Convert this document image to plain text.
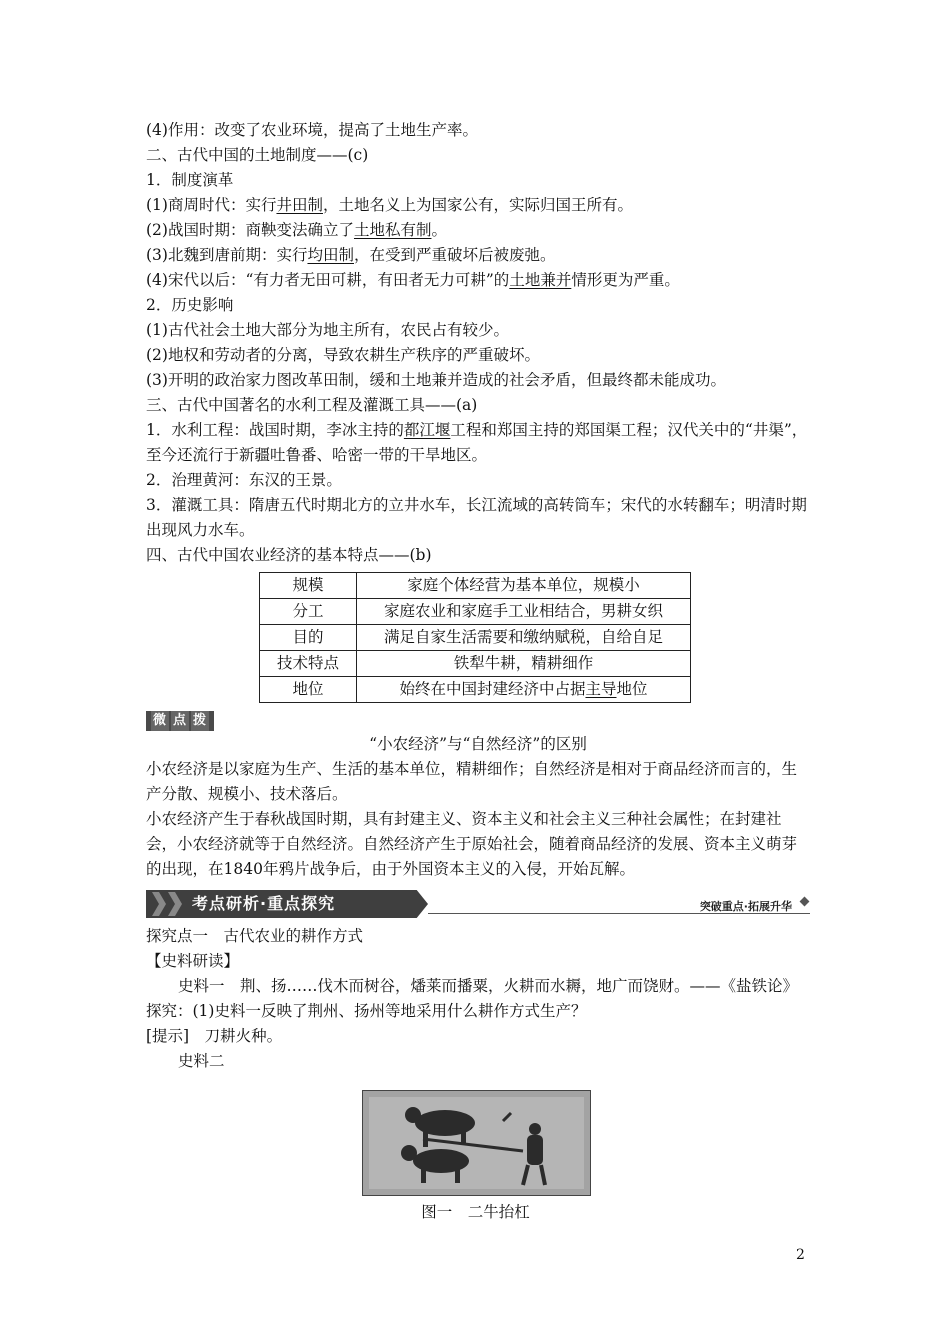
(4)作用：改变了农业环境，提高了土地生产率。
二、古代中国的土地制度——(c)
1．制度演革
(1)商周时代：实行井田制，土地名义上为国家公有，实际归国王所有。
(2)战国时期：商鞅变法确立了土地私有制。
(3)北魏到唐前期：实行均田制，在受到严重破坏后被废弛。
(4)宋代以后：“有力者无田可耕，有田者无力可耕”的土地兼并情形更为严重。
2．历史影响
(1)古代社会土地大部分为地主所有，农民占有较少。
(2)地权和劳动者的分离，导致农耕生产秩序的严重破坏。
(3)开明的政治家力图改革田制，缓和土地兼并造成的社会矛盾，但最终都未能成功。
三、古代中国著名的水利工程及灌溉工具——(a)
1．水利工程：战国时期，李冰主持的都江堰工程和郑国主持的郑国渠工程；汉代关中的“井渠”，至今还流行于新疆吐鲁番、哈密一带的干旱地区。
2．治理黄河：东汉的王景。
3．灌溉工具：隋唐五代时期北方的立井水车，长江流域的高转筒车；宋代的水转翻车；明清时期出现风力水车。
四、古代中国农业经济的基本特点——(b)
规模	家庭个体经营为基本单位，规模小
分工	家庭农业和家庭手工业相结合，男耕女织
目的	满足自家生活需要和缴纳赋税，自给自足
技术特点	铁犁牛耕，精耕细作
地位	始终在中国封建经济中占据主导地位
微 点 拨
“小农经济”与“自然经济”的区别
小农经济是以家庭为生产、生活的基本单位，精耕细作；自然经济是相对于商品经济而言的，生产分散、规模小、技术落后。
小农经济产生于春秋战国时期，具有封建主义、资本主义和社会主义三种社会属性；在封建社会，小农经济就等于自然经济。自然经济产生于原始社会，随着商品经济的发展、资本主义萌芽的出现，在1840年鸦片战争后，由于外国资本主义的入侵，开始瓦解。
考点研析·重点探究	突破重点·拓展升华
探究点一　古代农业的耕作方式
【史料研读】
史料一　荆、扬……伐木而树谷，燔莱而播粟，火耕而水耨，地广而饶财。——《盐铁论》
探究：(1)史料一反映了荆州、扬州等地采用什么耕作方式生产？
[提示]　刀耕火种。
史料二
图一　二牛抬杠
2
